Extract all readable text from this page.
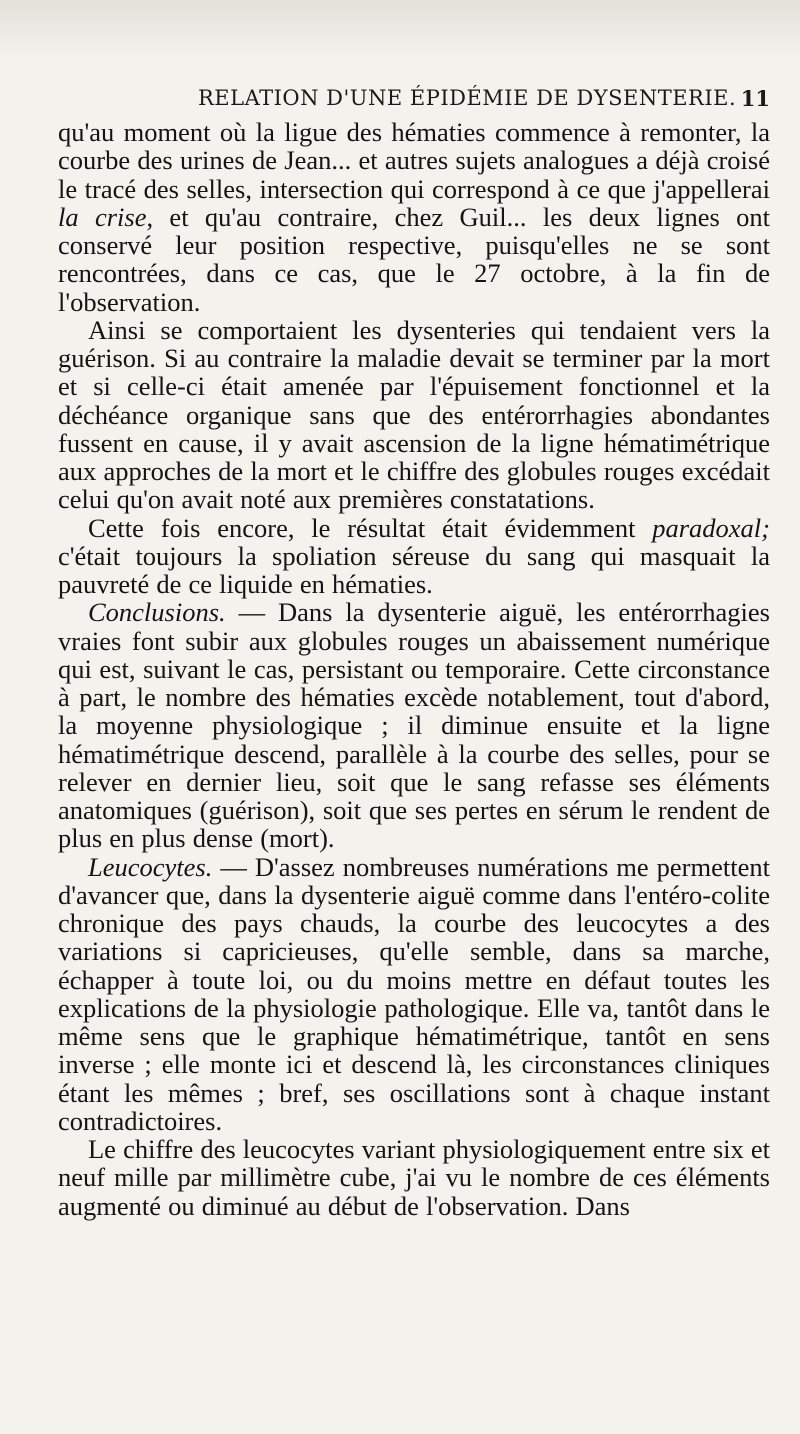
RELATION D'UNE ÉPIDÉMIE DE DYSENTERIE. 11

qu'au moment où la ligue des hématies commence à remonter, la courbe des urines de Jean... et autres sujets analogues a déjà croisé le tracé des selles, intersection qui correspond à ce que j'appellerai la crise, et qu'au contraire, chez Guil... les deux lignes ont conservé leur position respective, puisqu'elles ne se sont rencontrées, dans ce cas, que le 27 octobre, à la fin de l'observation.

Ainsi se comportaient les dysenteries qui tendaient vers la guérison. Si au contraire la maladie devait se terminer par la mort et si celle-ci était amenée par l'épuisement fonctionnel et la déchéance organique sans que des entérorrhagies abondantes fussent en cause, il y avait ascension de la ligne hématimétrique aux approches de la mort et le chiffre des globules rouges excédait celui qu'on avait noté aux premières constatations.

Cette fois encore, le résultat était évidemment paradoxal; c'était toujours la spoliation séreuse du sang qui masquait la pauvreté de ce liquide en hématies.

Conclusions. — Dans la dysenterie aiguë, les entérorrhagies vraies font subir aux globules rouges un abaissement numérique qui est, suivant le cas, persistant ou temporaire. Cette circonstance à part, le nombre des hématies excède notablement, tout d'abord, la moyenne physiologique ; il diminue ensuite et la ligne hématimétrique descend, parallèle à la courbe des selles, pour se relever en dernier lieu, soit que le sang refasse ses éléments anatomiques (guérison), soit que ses pertes en sérum le rendent de plus en plus dense (mort).

Leucocytes. — D'assez nombreuses numérations me permettent d'avancer que, dans la dysenterie aiguë comme dans l'entéro-colite chronique des pays chauds, la courbe des leucocytes a des variations si capricieuses, qu'elle semble, dans sa marche, échapper à toute loi, ou du moins mettre en défaut toutes les explications de la physiologie pathologique. Elle va, tantôt dans le même sens que le graphique hématimétrique, tantôt en sens inverse ; elle monte ici et descend là, les circonstances cliniques étant les mêmes ; bref, ses oscillations sont à chaque instant contradictoires.

Le chiffre des leucocytes variant physiologiquement entre six et neuf mille par millimètre cube, j'ai vu le nombre de ces éléments augmenté ou diminué au début de l'observation. Dans
